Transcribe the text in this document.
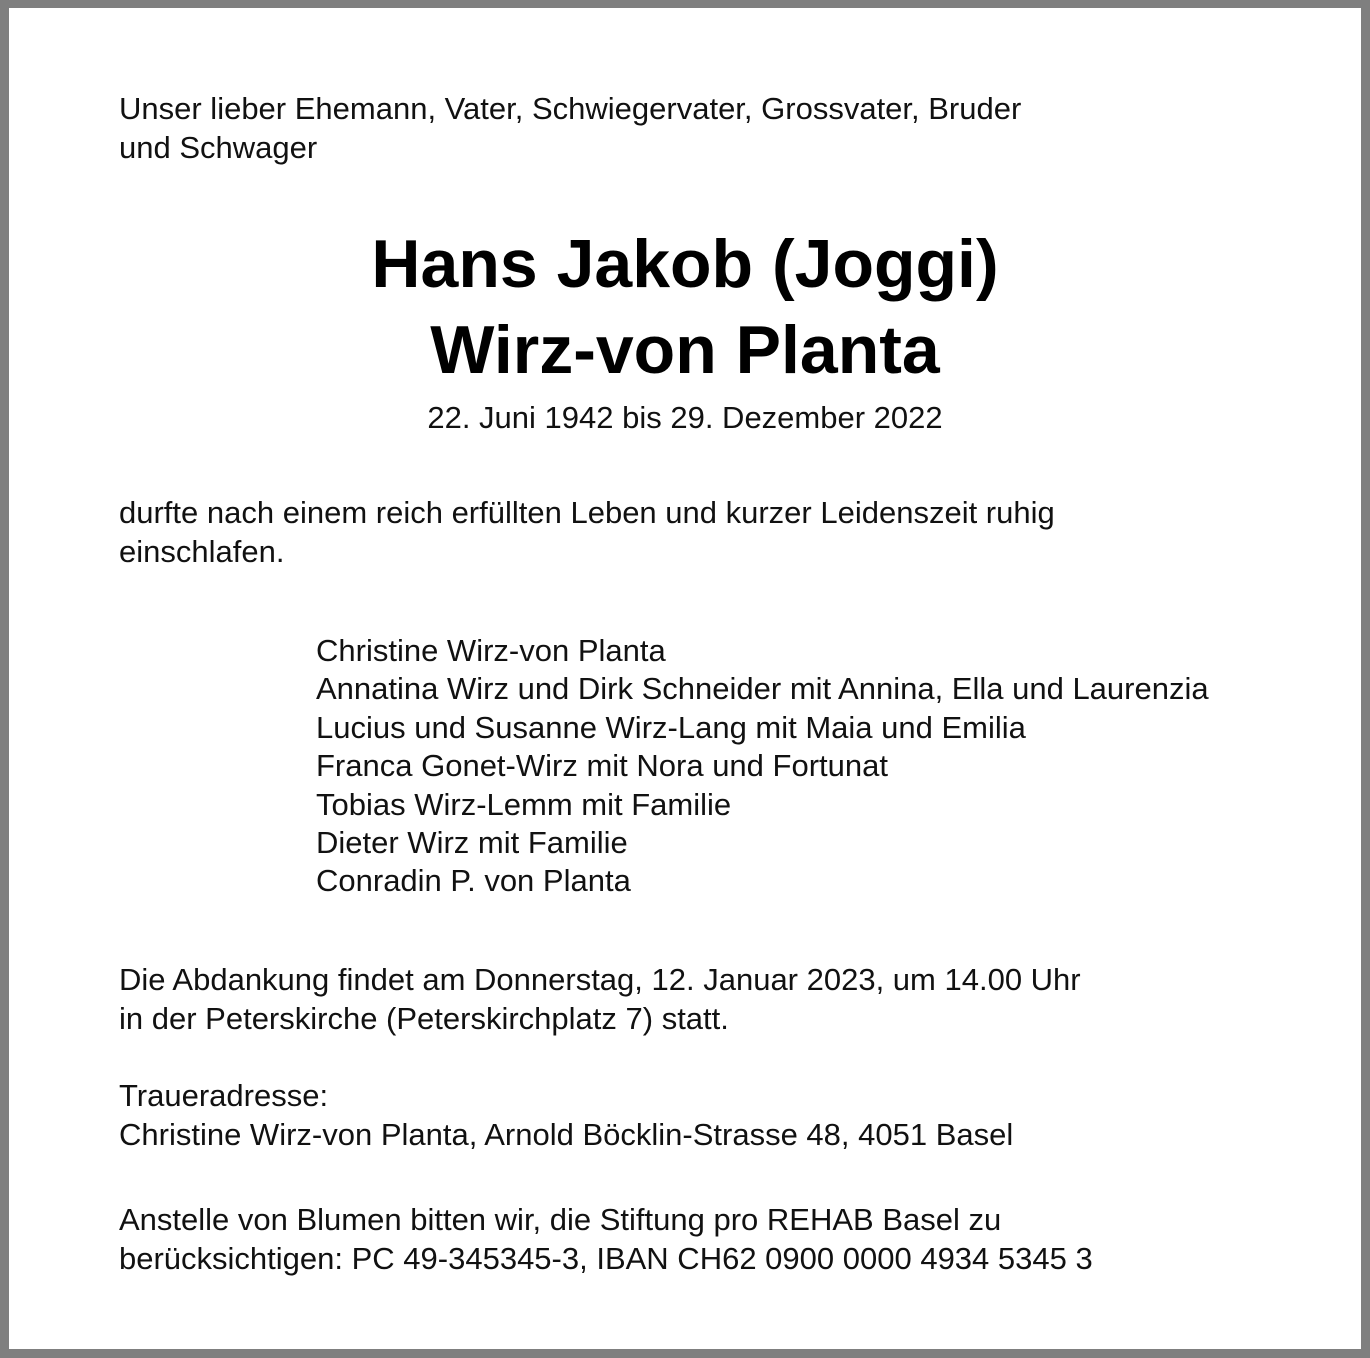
Unser lieber Ehemann, Vater, Schwiegervater, Grossvater, Bruder
und Schwager

Hans Jakob (Joggi)
Wirz-von Planta

22. Juni 1942 bis 29. Dezember 2022

durfte nach einem reich erfüllten Leben und kurzer Leidenszeit ruhig
einschlafen.

Christine Wirz-von Planta
Annatina Wirz und Dirk Schneider mit Annina, Ella und Laurenzia
Lucius und Susanne Wirz-Lang mit Maia und Emilia
Franca Gonet-Wirz mit Nora und Fortunat
Tobias Wirz-Lemm mit Familie
Dieter Wirz mit Familie
Conradin P. von Planta

Die Abdankung findet am Donnerstag, 12. Januar 2023, um 14.00 Uhr
in der Peterskirche (Peterskirchplatz 7) statt.

Traueradresse:
Christine Wirz-von Planta, Arnold Böcklin-Strasse 48, 4051 Basel

Anstelle von Blumen bitten wir, die Stiftung pro REHAB Basel zu
berücksichtigen: PC 49-345345-3, IBAN CH62 0900 0000 4934 5345 3
